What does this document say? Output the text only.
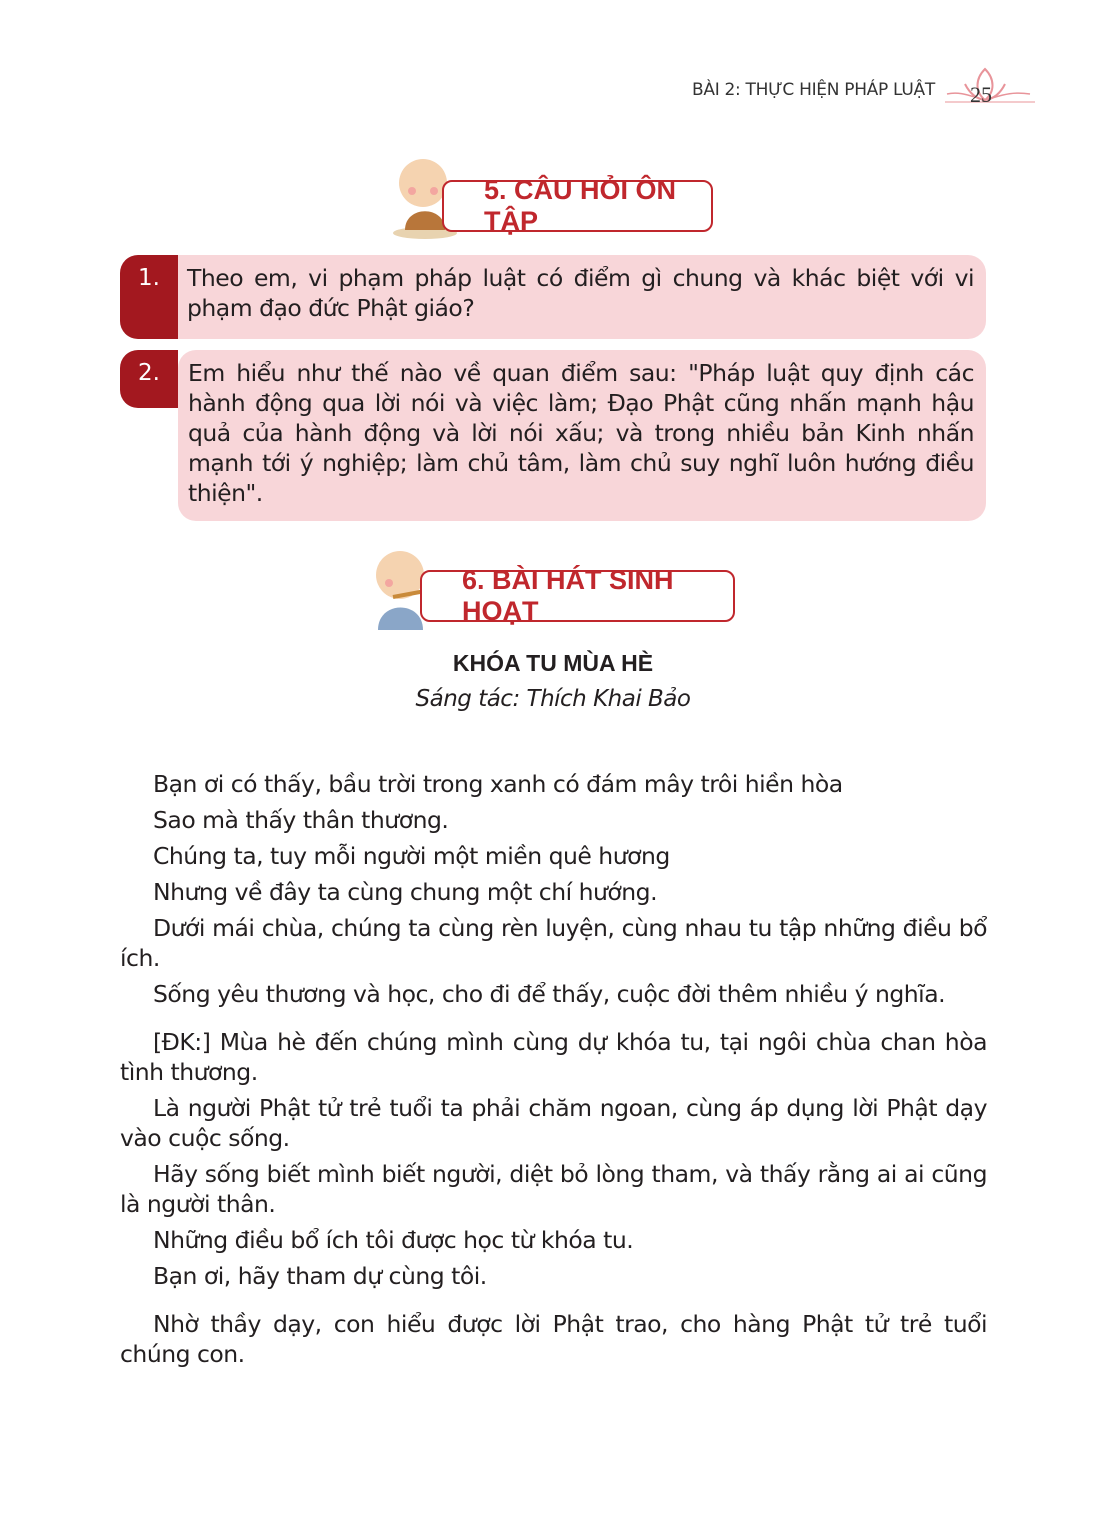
BÀI 2: THỰC HIỆN PHÁP LUẬT 25
5. CÂU HỎI ÔN TẬP
Theo em, vi phạm pháp luật có điểm gì chung và khác biệt với vi phạm đạo đức Phật giáo?
1.
Em hiểu như thế nào về quan điểm sau: "Pháp luật quy định các hành động qua lời nói và việc làm; Đạo Phật cũng nhấn mạnh hậu quả của hành động và lời nói xấu; và trong nhiều bản Kinh nhấn mạnh tới ý nghiệp; làm chủ tâm, làm chủ suy nghĩ luôn hướng điều thiện".
2.
6. BÀI HÁT SINH HOẠT
KHÓA TU MÙA HÈ
Sáng tác: Thích Khai Bảo

Bạn ơi có thấy, bầu trời trong xanh có đám mây trôi hiền hòa

Sao mà thấy thân thương.

Chúng ta, tuy mỗi người một miền quê hương

Nhưng về đây ta cùng chung một chí hướng.

Dưới mái chùa, chúng ta cùng rèn luyện, cùng nhau tu tập những điều bổ ích.

Sống yêu thương và học, cho đi để thấy, cuộc đời thêm nhiều ý nghĩa.

[ĐK:] Mùa hè đến chúng mình cùng dự khóa tu, tại ngôi chùa chan hòa tình thương.

Là người Phật tử trẻ tuổi ta phải chăm ngoan, cùng áp dụng lời Phật dạy vào cuộc sống.

Hãy sống biết mình biết người, diệt bỏ lòng tham, và thấy rằng ai ai cũng là người thân.

Những điều bổ ích tôi được học từ khóa tu.

Bạn ơi, hãy tham dự cùng tôi.

Nhờ thầy dạy, con hiểu được lời Phật trao, cho hàng Phật tử trẻ tuổi chúng con.
